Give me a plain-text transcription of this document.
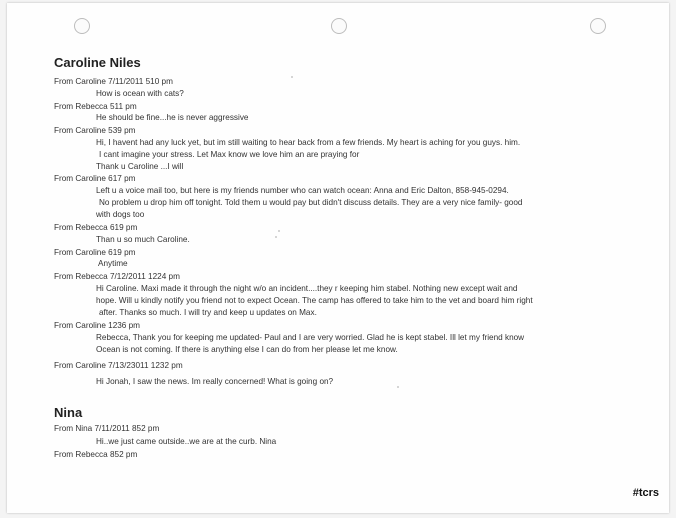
Caroline Niles
From Caroline 7/11/2011 510 pm
How is ocean with cats?
From Rebecca 511 pm
He should be fine...he is never aggressive
From Caroline 539 pm
Hi, I havent had any luck yet, but im still waiting to hear back from a few friends. My heart is aching for you guys. him.
I cant imagine your stress. Let Max know we love him an are praying for
Thank u Caroline ...I will
From Caroline 617 pm
Left u a voice mail too, but here is my friends number who can watch ocean: Anna and Eric Dalton, 858-945-0294.
No problem u drop him off tonight. Told them u would pay but didn't discuss details. They are a very nice family- good
with dogs too
From Rebecca 619 pm
Than u so much Caroline.
From Caroline 619 pm
Anytime
From Rebecca 7/12/2011 1224 pm
Hi Caroline. Maxi made it through the night w/o an incident....they r keeping him stabel. Nothing new except wait and
hope. Will u kindly notify you friend not to expect Ocean. The camp has offered to take him to the vet and board him right
after. Thanks so much. I will try and keep u updates on Max.
From Caroline 1236 pm
Rebecca, Thank you for keeping me updated- Paul and I are very worried. Glad he is kept stabel. Ill let my friend know
Ocean is not coming. If there is anything else I can do from her please let me know.
From Caroline 7/13/23011 1232 pm
Hi Jonah, I saw the news. Im really concerned! What is going on?
Nina
From Nina 7/11/2011 852 pm
Hi..we just came outside..we are at the curb. Nina
From Rebecca 852 pm
#tcrs
